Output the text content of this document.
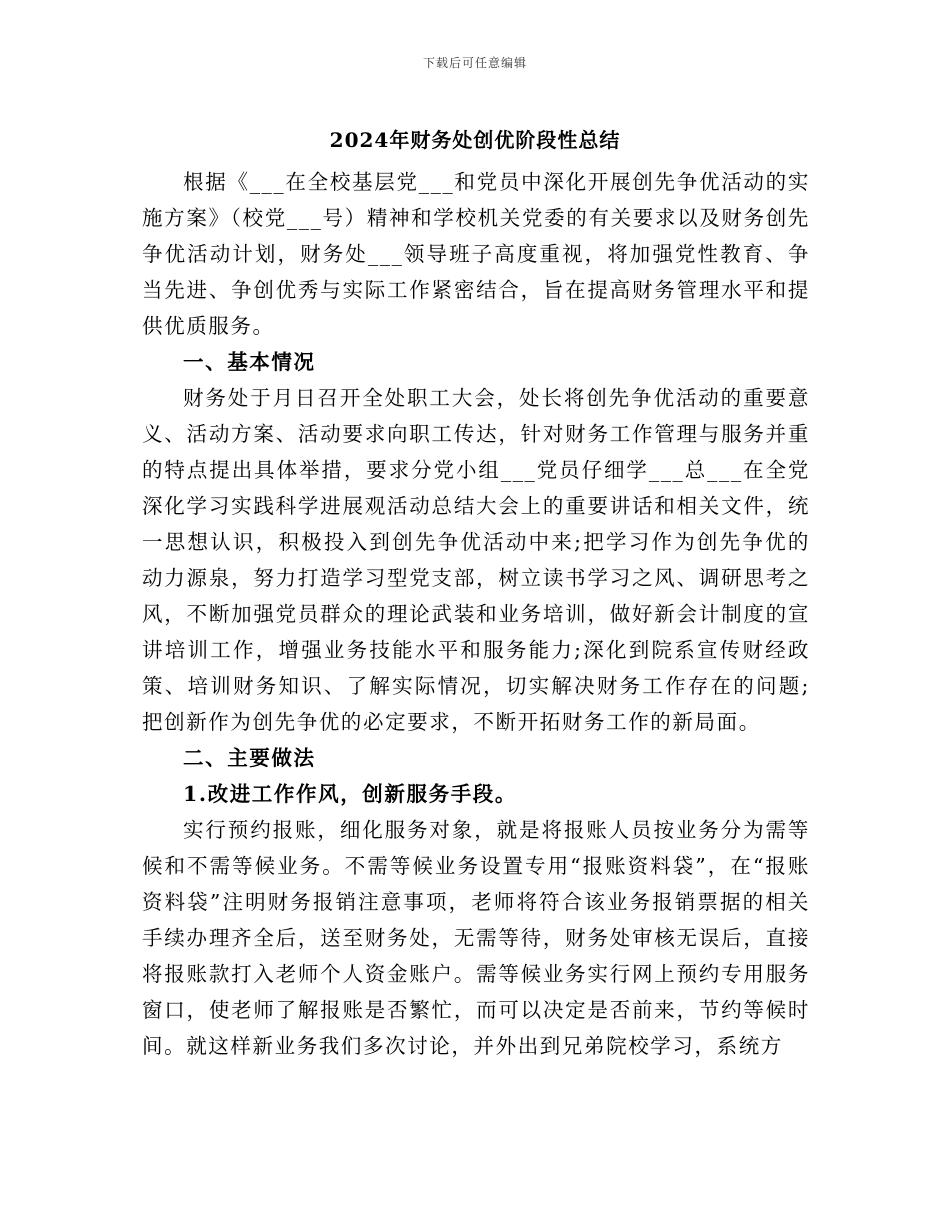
下载后可任意编辑
2024年财务处创优阶段性总结

根据《___在全校基层党___和党员中深化开展创先争优活动的实施方案》（校党___号）精神和学校机关党委的有关要求以及财务创先争优活动计划，财务处___领导班子高度重视，将加强党性教育、争当先进、争创优秀与实际工作紧密结合，旨在提高财务管理水平和提供优质服务。

一、基本情况

财务处于月日召开全处职工大会，处长将创先争优活动的重要意义、活动方案、活动要求向职工传达，针对财务工作管理与服务并重的特点提出具体举措，要求分党小组___党员仔细学___总___在全党深化学习实践科学进展观活动总结大会上的重要讲话和相关文件，统一思想认识，积极投入到创先争优活动中来;把学习作为创先争优的动力源泉，努力打造学习型党支部，树立读书学习之风、调研思考之风，不断加强党员群众的理论武装和业务培训，做好新会计制度的宣讲培训工作，增强业务技能水平和服务能力;深化到院系宣传财经政策、培训财务知识、了解实际情况，切实解决财务工作存在的问题;把创新作为创先争优的必定要求，不断开拓财务工作的新局面。

二、主要做法

1.改进工作作风，创新服务手段。

实行预约报账，细化服务对象，就是将报账人员按业务分为需等候和不需等候业务。不需等候业务设置专用“报账资料袋”，在“报账资料袋”注明财务报销注意事项，老师将符合该业务报销票据的相关手续办理齐全后，送至财务处，无需等待，财务处审核无误后，直接将报账款打入老师个人资金账户。需等候业务实行网上预约专用服务窗口，使老师了解报账是否繁忙，而可以决定是否前来，节约等候时间。就这样新业务我们多次讨论，并外出到兄弟院校学习，系统方
